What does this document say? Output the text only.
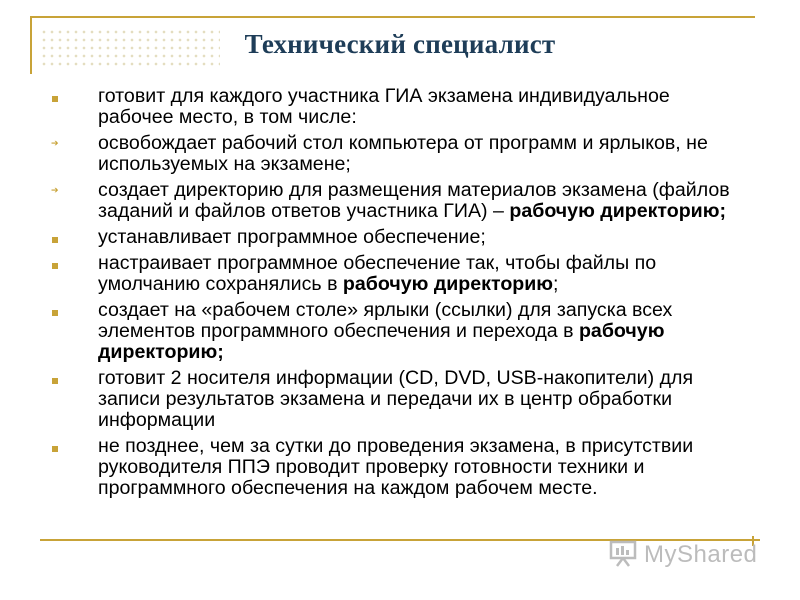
Технический специалист
готовит для каждого участника ГИА экзамена индивидуальное рабочее место, в том числе:
➔
освобождает рабочий стол компьютера от программ и ярлыков, не используемых на экзамене;
➔
создает директорию для размещения материалов экзамена (файлов заданий и файлов ответов участника ГИА) – рабочую директорию;
устанавливает программное обеспечение;
настраивает программное обеспечение так, чтобы файлы по умолчанию сохранялись в рабочую директорию;
создает на «рабочем столе» ярлыки (ссылки) для запуска всех элементов программного обеспечения и перехода в рабочую директорию;
готовит 2 носителя информации (CD, DVD, USB-накопители) для записи результатов экзамена и передачи их в центр обработки информации
не позднее, чем за сутки до проведения экзамена, в присутствии руководителя ППЭ проводит проверку готовности техники и программного обеспечения на каждом рабочем месте.
MyShared
